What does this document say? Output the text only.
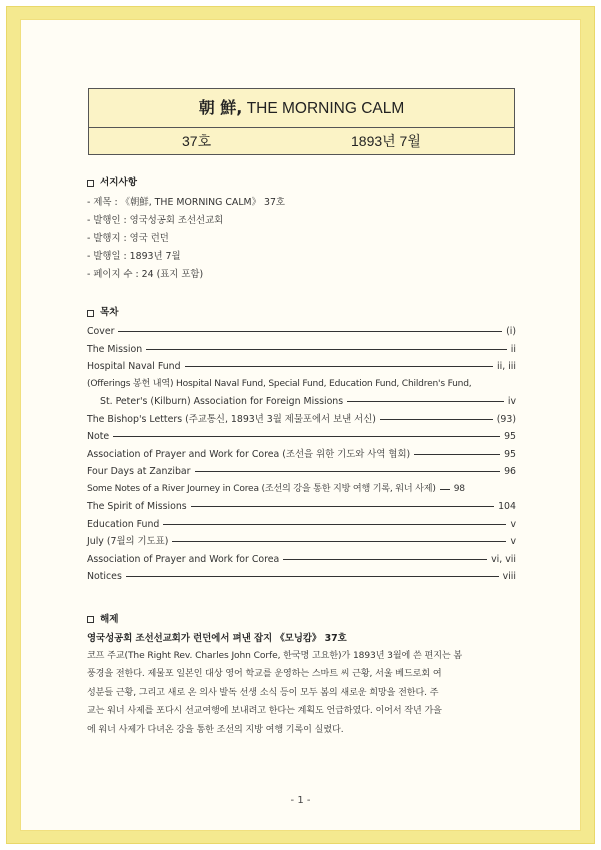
朝 鮮, THE MORNING CALM
37호	1893년 7월
서지사항
- 제목 : 《朝鮮, THE MORNING CALM》 37호
- 발행인 : 영국성공회 조선선교회
- 발행지 : 영국 런던
- 발행일 : 1893년 7월
- 페이지 수 : 24 (표지 포함)
목차
Cover	(i)
The Mission	ii
Hospital Naval Fund	ii, iii
(Offerings 봉헌 내역) Hospital Naval Fund, Special Fund, Education Fund, Children's Fund,
St. Peter's (Kilburn) Association for Foreign Missions	iv
The Bishop's Letters (주교통신, 1893년 3월 제물포에서 보낸 서신)	(93)
Note	95
Association of Prayer and Work for Corea (조선을 위한 기도와 사역 협회)	95
Four Days at Zanzibar	96
Some Notes of a River Journey in Corea (조선의 강을 통한 지방 여행 기록, 워너 사제) 98
The Spirit of Missions	104
Education Fund	v
July (7월의 기도표)	v
Association of Prayer and Work for Corea	vi, vii
Notices	viii
해제
영국성공회 조선선교회가 런던에서 펴낸 잡지 《모닝캄》 37호
코프 주교(The Right Rev. Charles John Corfe, 한국명 고요한)가 1893년 3월에 쓴 편지는 봄
풍경을 전한다. 제물포 일본인 대상 영어 학교를 운영하는 스마트 씨 근황, 서울 베드로회 여
성분들 근황, 그리고 새로 온 의사 발독 선생 소식 등이 모두 봄의 새로운 희망을 전한다. 주
교는 워너 사제를 포다시 선교여행에 보내려고 한다는 계획도 언급하였다. 이어서 작년 가을
에 워너 사제가 다녀온 강을 통한 조선의 지방 여행 기록이 실렸다.
- 1 -
